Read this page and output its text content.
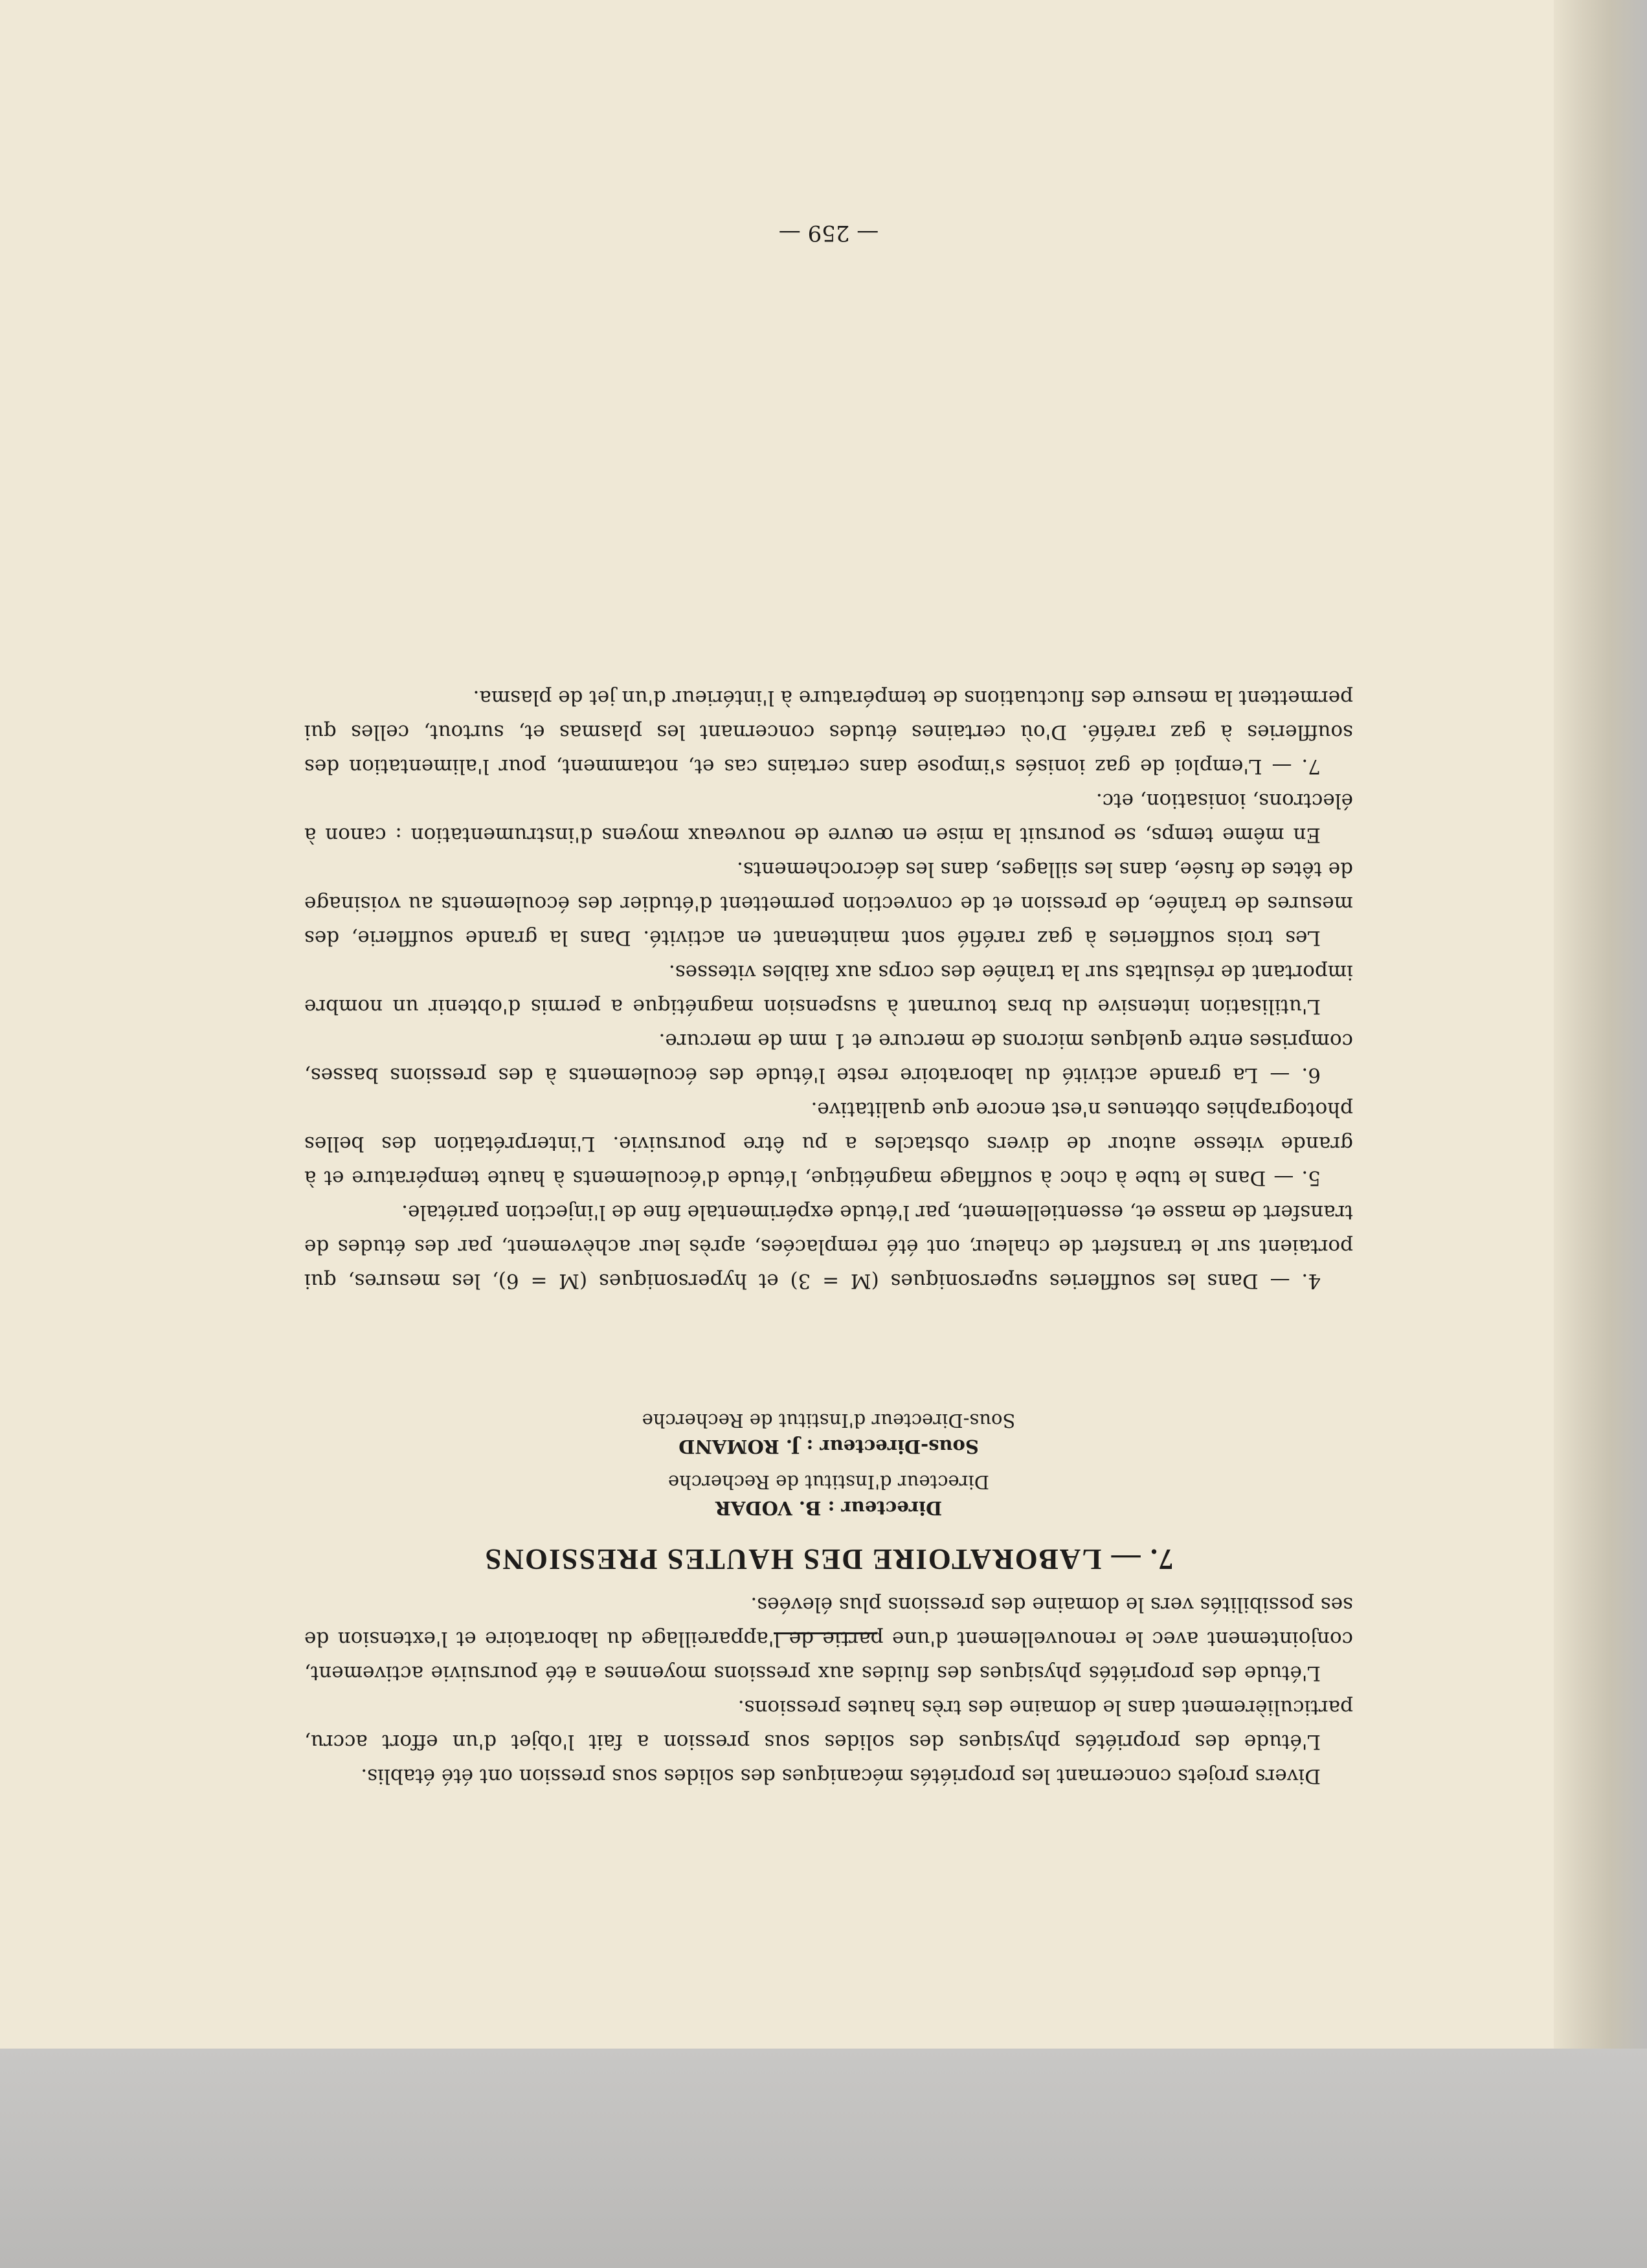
Divers projets concernant les propriétés mécaniques des solides sous pression ont été établis.

L'étude des propriétés physiques des solides sous pression a fait l'objet d'un effort accru, particulièrement dans le domaine des très hautes pressions.

L'étude des propriétés physiques des fluides aux pressions moyennes a été poursuivie activement, conjointement avec le renouvellement d'une partie de l'appareillage du laboratoire et l'extension de ses possibilités vers le domaine des pressions plus élevées.

Sous-Directeur : J. ROMAND
Sous-Directeur d'Institut de Recherche
Directeur : B. VODAR
Directeur d'Institut de Recherche
7. — LABORATOIRE DES HAUTES PRESSIONS

4. — Dans les souffleries supersoniques (M = 3) et hypersoniques (M = 6), les mesures, qui portaient sur le transfert de chaleur, ont été remplacées, après leur achèvement, par des études de transfert de masse et, essentiellement, par l'étude expérimentale fine de l'injection pariétale.

5. — Dans le tube à choc à soufflage magnétique, l'étude d'écoulements à haute température et à grande vitesse autour de divers obstacles a pu être poursuivie. L'interprétation des belles photographies obtenues n'est encore que qualitative.

6. — La grande activité du laboratoire reste l'étude des écoulements à des pressions basses, comprises entre quelques microns de mercure et 1 mm de mercure.

L'utilisation intensive du bras tournant à suspension magnétique a permis d'obtenir un nombre important de résultats sur la traînée des corps aux faibles vitesses.

Les trois souffleries à gaz raréfié sont maintenant en activité. Dans la grande soufflerie, des mesures de traînée, de pression et de convection permettent d'étudier des écoulements au voisinage de têtes de fusée, dans les sillages, dans les décrochements.

En même temps, se poursuit la mise en œuvre de nouveaux moyens d'instrumentation : canon à électrons, ionisation, etc.

7. — L'emploi de gaz ionisés s'impose dans certains cas et, notamment, pour l'alimentation des souffleries à gaz raréfié. D'où certaines études concernant les plasmas et, surtout, celles qui permettent la mesure des fluctuations de température à l'intérieur d'un jet de plasma.

— 259 —
